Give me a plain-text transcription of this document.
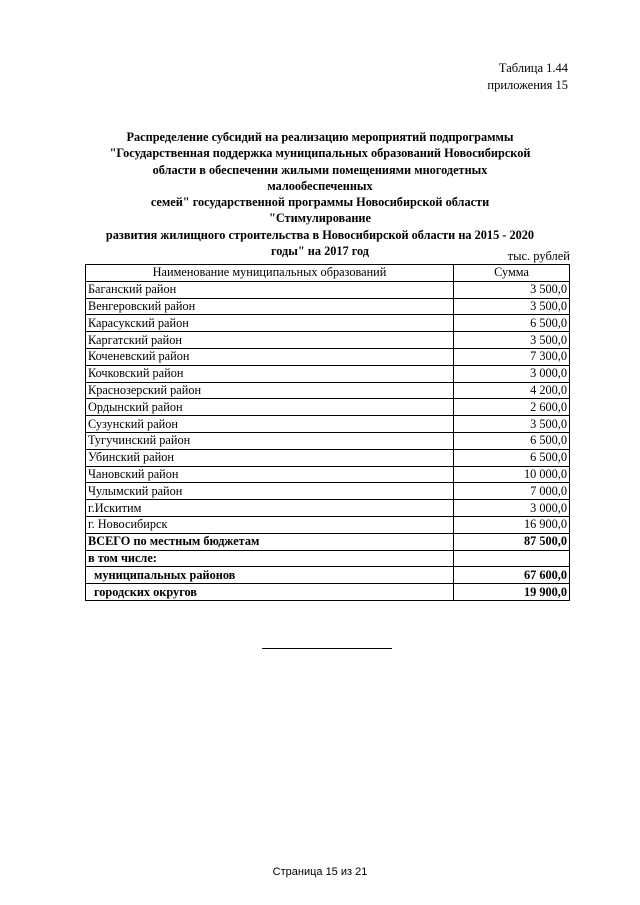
Таблица 1.44
приложения 15
Распределение субсидий на реализацию мероприятий подпрограммы
"Государственная поддержка муниципальных образований Новосибирской
области в обеспечении жилыми помещениями многодетных малообеспеченных
семей" государственной программы Новосибирской области "Стимулирование
развития жилищного строительства в Новосибирской области на 2015 - 2020
годы" на 2017 год	тыс. рублей
Наименование муниципальных образований	Сумма
Баганский район	3 500,0
Венгеровский район	3 500,0
Карасукский район	6 500,0
Каргатский район	3 500,0
Коченевский район	7 300,0
Кочковский район	3 000,0
Краснозерский район	4 200,0
Ордынский район	2 600,0
Сузунский район	3 500,0
Тугучинский район	6 500,0
Убинский район	6 500,0
Чановский район	10 000,0
Чулымский район	7 000,0
г.Искитим	3 000,0
г. Новосибирск	16 900,0
ВСЕГО по местным бюджетам	87 500,0
в том числе:	
муниципальных районов	67 600,0
городских округов	19 900,0
Страница 15 из 21
